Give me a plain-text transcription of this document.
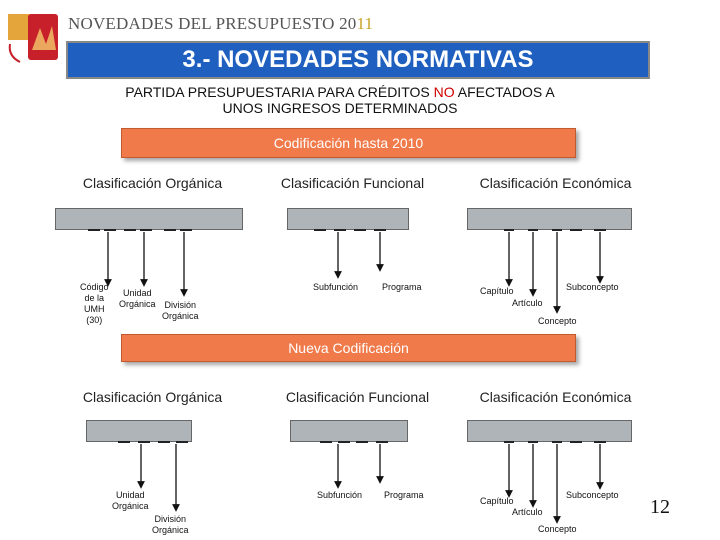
NOVEDADES DEL PRESUPUESTO 2011
3.- NOVEDADES NORMATIVAS
PARTIDA PRESUPUESTARIA PARA CRÉDITOS NO AFECTADOS A
UNOS INGRESOS DETERMINADOS
Codificación hasta 2010
Clasificación Orgánica	Clasificación Funcional	Clasificación Económica
Nueva Codificación
Clasificación Orgánica	Clasificación Funcional	Clasificación Económica
Código
de la
UMH
(30)
Unidad
Orgánica División
Orgánica
Subfunción	Programa	Capítulo
Artículo
Concepto
Subconcepto
Unidad
Orgánica
División
Orgánica
Subfunción Programa
Capítulo
Artículo
Concepto
Subconcepto
12
